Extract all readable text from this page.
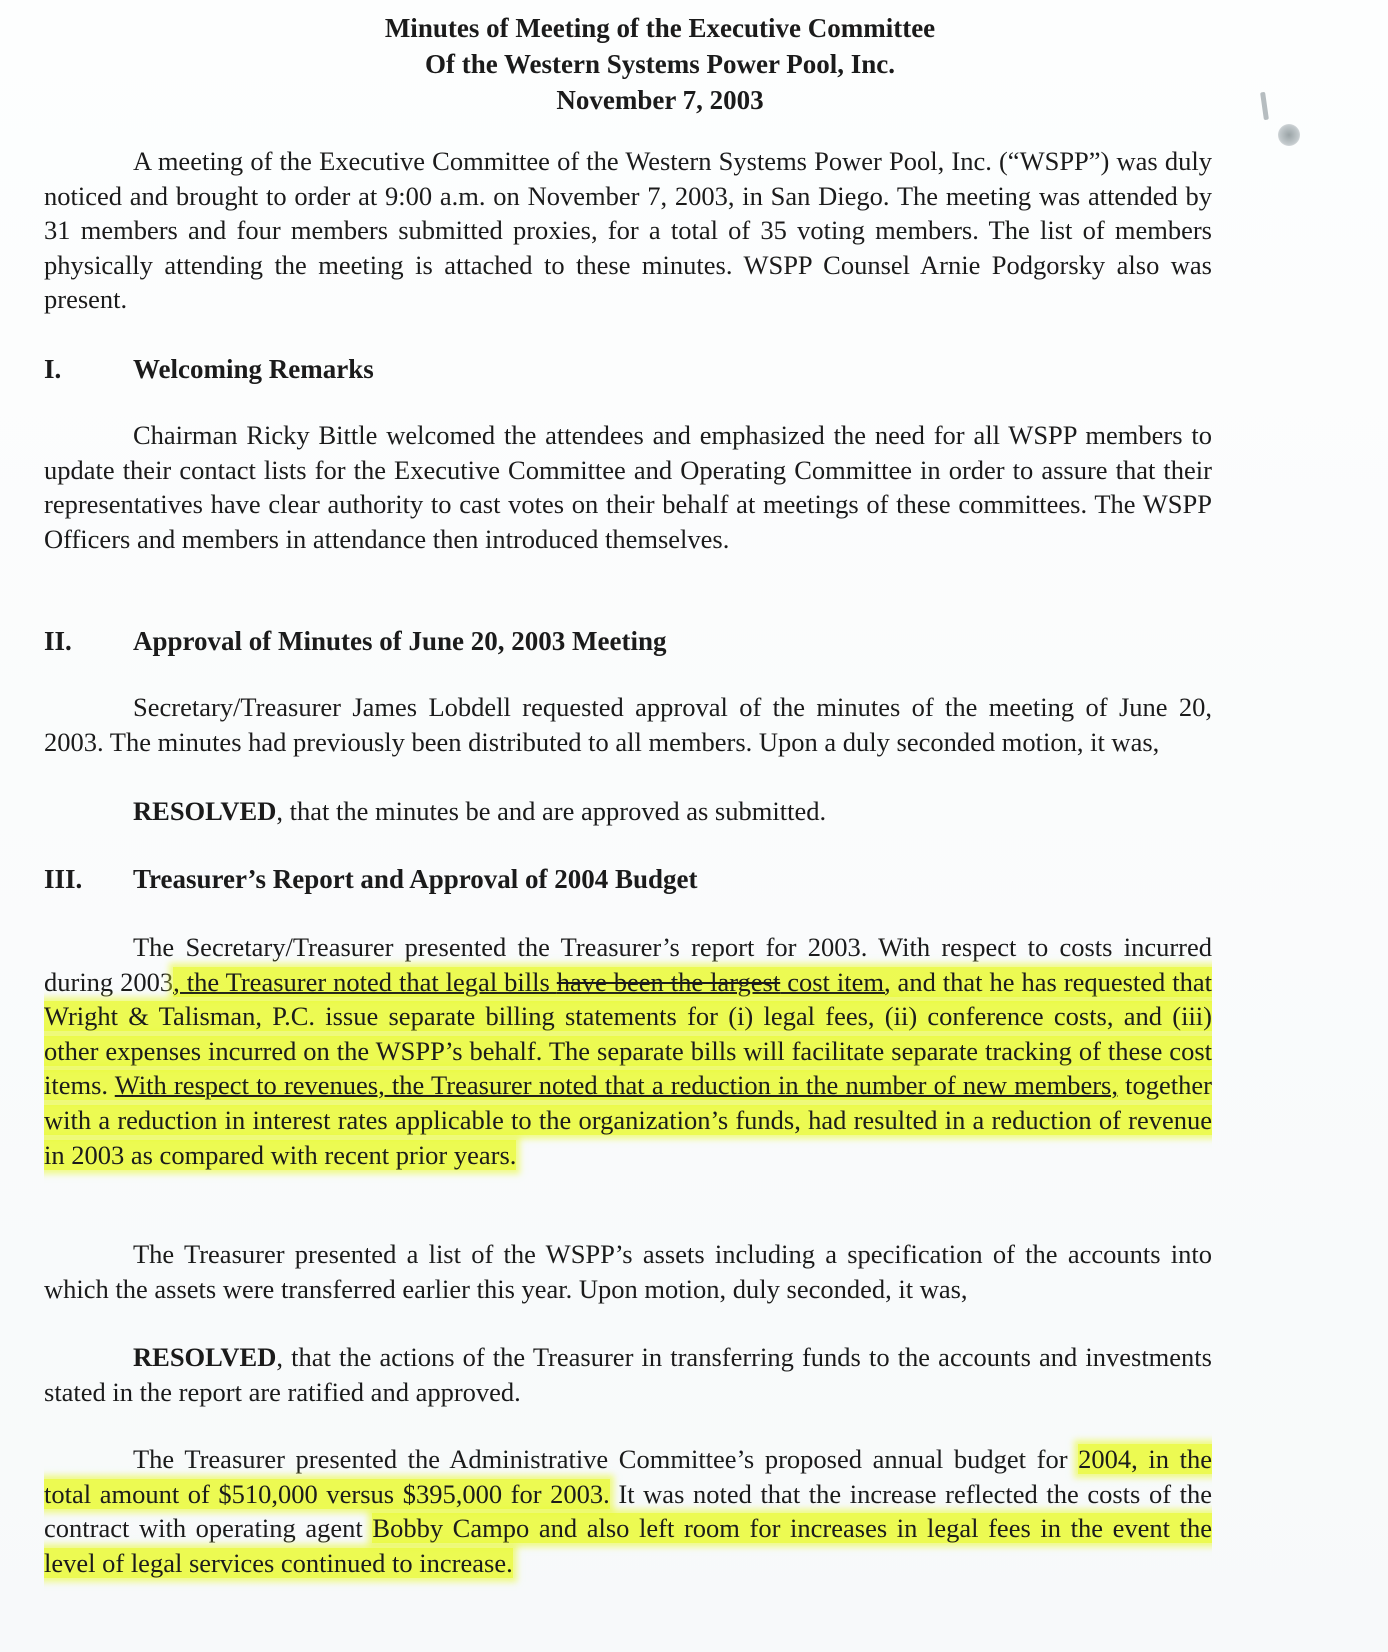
Minutes of Meeting of the Executive Committee
Of the Western Systems Power Pool, Inc.
November 7, 2003
A meeting of the Executive Committee of the Western Systems Power Pool, Inc. (“WSPP”) was duly noticed and brought to order at 9:00 a.m. on November 7, 2003, in San Diego. The meeting was attended by 31 members and four members submitted proxies, for a total of 35 voting members. The list of members physically attending the meeting is attached to these minutes. WSPP Counsel Arnie Podgorsky also was present.
I.	Welcoming Remarks
Chairman Ricky Bittle welcomed the attendees and emphasized the need for all WSPP members to update their contact lists for the Executive Committee and Operating Committee in order to assure that their representatives have clear authority to cast votes on their behalf at meetings of these committees. The WSPP Officers and members in attendance then introduced themselves.
II. Approval of Minutes of June 20, 2003 Meeting
Secretary/Treasurer James Lobdell requested approval of the minutes of the meeting of June 20, 2003. The minutes had previously been distributed to all members. Upon a duly seconded motion, it was,
RESOLVED, that the minutes be and are approved as submitted.
III. Treasurer’s Report and Approval of 2004 Budget
The Secretary/Treasurer presented the Treasurer’s report for 2003. With respect to costs incurred during 2003, the Treasurer noted that legal bills have been the largest cost item, and that he has requested that Wright & Talisman, P.C. issue separate billing statements for (i) legal fees, (ii) conference costs, and (iii) other expenses incurred on the WSPP’s behalf. The separate bills will facilitate separate tracking of these cost items. With respect to revenues, the Treasurer noted that a reduction in the number of new members, together with a reduction in interest rates applicable to the organization’s funds, had resulted in a reduction of revenue in 2003 as compared with recent prior years.
The Treasurer presented a list of the WSPP’s assets including a specification of the accounts into which the assets were transferred earlier this year. Upon motion, duly seconded, it was,
RESOLVED, that the actions of the Treasurer in transferring funds to the accounts and investments stated in the report are ratified and approved.
The Treasurer presented the Administrative Committee’s proposed annual budget for 2004, in the total amount of $510,000 versus $395,000 for 2003. It was noted that the increase reflected the costs of the contract with operating agent Bobby Campo and also left room for increases in legal fees in the event the level of legal services continued to increase.
